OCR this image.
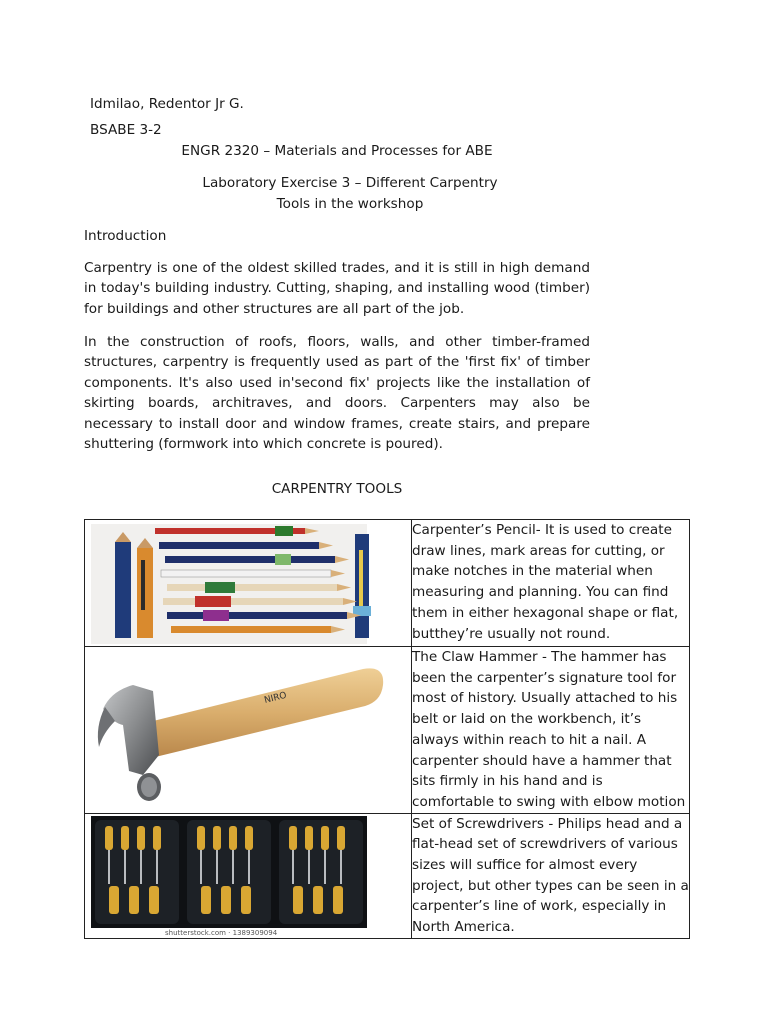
Idmilao, Redentor Jr G.
BSABE 3-2
ENGR 2320 – Materials and Processes for ABE
Laboratory Exercise 3 – Different Carpentry Tools in the workshop
Introduction
Carpentry is one of the oldest skilled trades, and it is still in high demand in today's building industry. Cutting, shaping, and installing wood (timber) for buildings and other structures are all part of the job.
In the construction of roofs, floors, walls, and other timber-framed structures, carpentry is frequently used as part of the 'first fix' of timber components. It's also used in'second fix' projects like the installation of skirting boards, architraves, and doors. Carpenters may also be necessary to install door and window frames, create stairs, and prepare shuttering (formwork into which concrete is poured).
CARPENTRY TOOLS
	Carpenter’s Pencil- It is used to create draw lines, mark areas for cutting, or make notches in the material when measuring and planning. You can find them in either hexagonal shape or flat, butthey’re usually not round.

NIRO	The Claw Hammer - The hammer has been the carpenter’s signature tool for most of history. Usually attached to his belt or laid on the workbench, it’s always within reach to hit a nail. A carpenter should have a hammer that sits firmly in his hand and is comfortable to swing with elbow motion

shutterstock.com · 1389309094	Set of Screwdrivers - Philips head and a flat-head set of screwdrivers of various sizes will suffice for almost every project, but other types can be seen in a carpenter’s line of work, especially in North America.
